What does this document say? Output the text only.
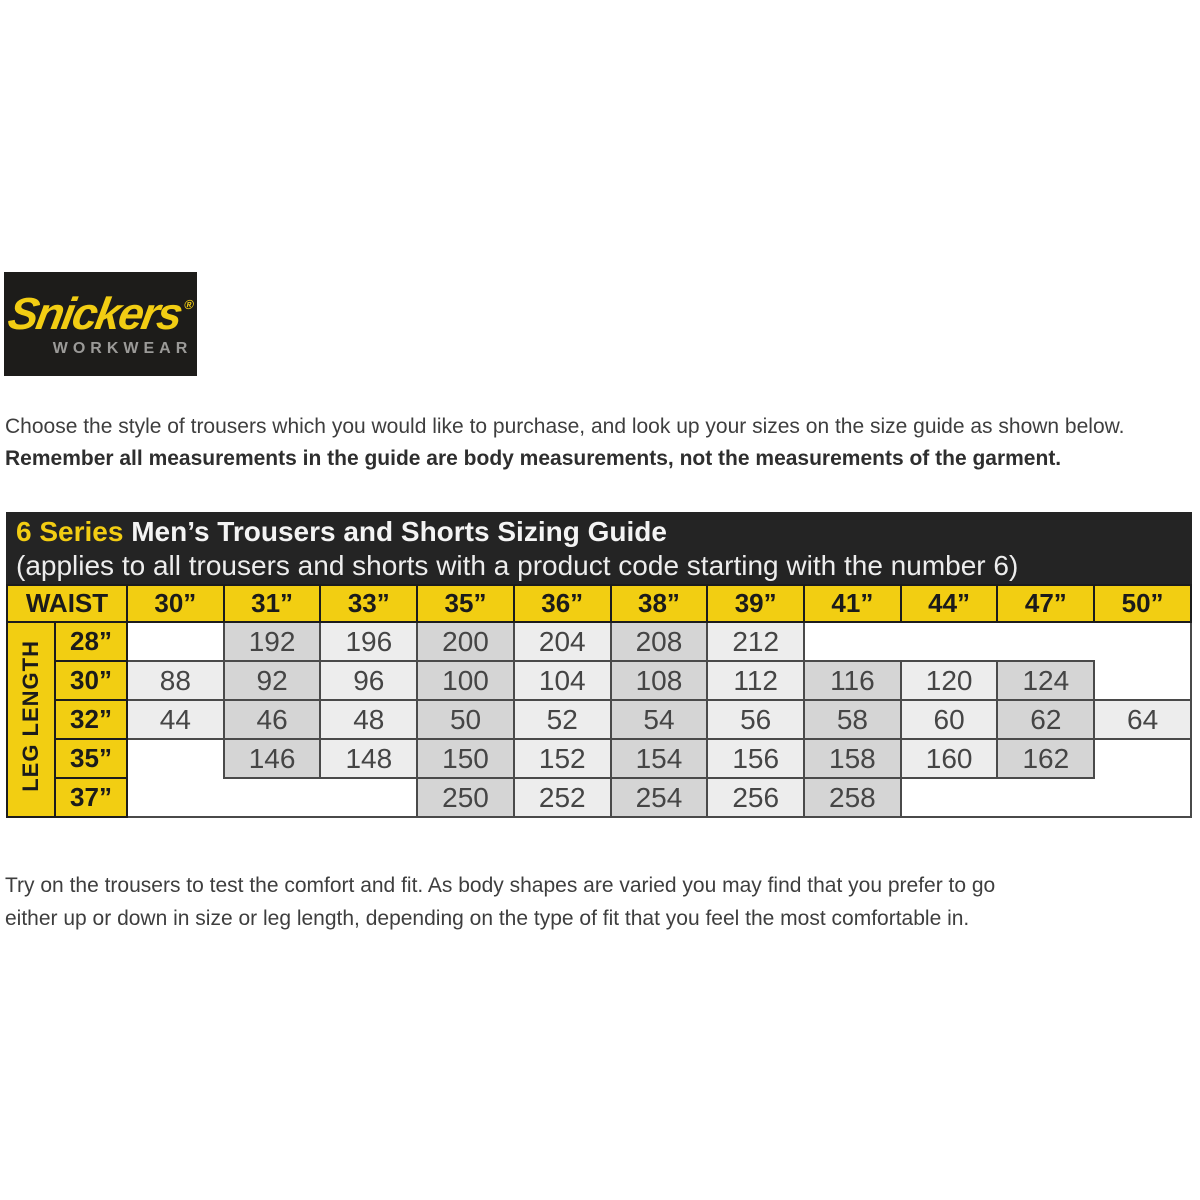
Snickers®
WORKWEAR

Choose the style of trousers which you would like to purchase, and look up your sizes on the size guide as shown below.

Remember all measurements in the guide are body measurements, not the measurements of the garment.

6 Series Men’s Trousers and Shorts Sizing Guide
(applies to all trousers and shorts with a product code starting with the number 6)
WAIST		30”	31”	33”	35”	36”	38”	39”	41”	44”	47”	50”
LEG LENGTH	28”		192	196	200	204	208	212				
	30”	88	92	96	100	104	108	112	116	120	124	
	32”	44	46	48	50	52	54	56	58	60	62	64
	35”		146	148	150	152	154	156	158	160	162	
	37”				250	252	254	256	258			

Try on the trousers to test the comfort and fit. As body shapes are varied you may find that you prefer to go
either up or down in size or leg length, depending on the type of fit that you feel the most comfortable in.
